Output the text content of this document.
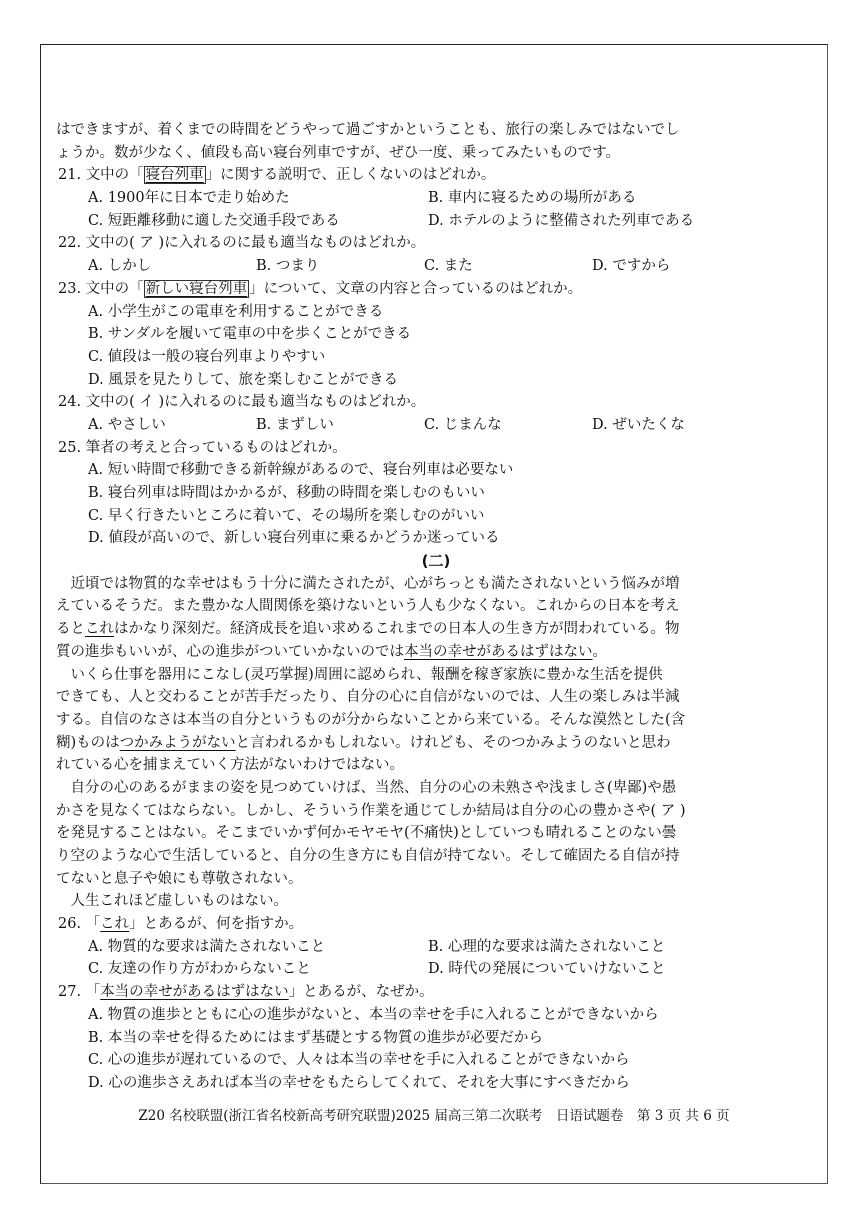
はできますが、着くまでの時間をどうやって過ごすかということも、旅行の楽しみではないでし
ょうか。数が少なく、値段も高い寝台列車ですが、ぜひ一度、乗ってみたいものです。
21. 文中の「 寝台列車 」に関する説明で、正しくないのはどれか。
A. 1900年に日本で走り始めた	B. 車内に寝るための場所がある
C. 短距離移動に適した交通手段である	D. ホテルのように整備された列車である
22. 文中の( ア )に入れるのに最も適当なものはどれか。
A. しかし	B. つまり	C. また	D. ですから
23. 文中の「 新しい寝台列車 」について、文章の内容と合っているのはどれか。
A. 小学生がこの電車を利用することができる
B. サンダルを履いて電車の中を歩くことができる
C. 値段は一般の寝台列車よりやすい
D. 風景を見たりして、旅を楽しむことができる
24. 文中の( イ )に入れるのに最も適当なものはどれか。
A. やさしい	B. まずしい	C. じまんな	D. ぜいたくな
25. 筆者の考えと合っているものはどれか。
A. 短い時間で移動できる新幹線があるので、寝台列車は必要ない
B. 寝台列車は時間はかかるが、移動の時間を楽しむのもいい
C. 早く行きたいところに着いて、その場所を楽しむのがいい
D. 値段が高いので、新しい寝台列車に乗るかどうか迷っている
(二)
近頃では物質的な幸せはもう十分に満たされたが、心がちっとも満たされないという悩みが増
えているそうだ。また豊かな人間関係を築けないという人も少なくない。これからの日本を考え
るとこれはかなり深刻だ。経済成長を追い求めるこれまでの日本人の生き方が問われている。物
質の進歩もいいが、心の進歩がついていかないのでは本当の幸せがあるはずはない。
いくら仕事を器用にこなし(灵巧掌握)周囲に認められ、報酬を稼ぎ家族に豊かな生活を提供
できても、人と交わることが苦手だったり、自分の心に自信がないのでは、人生の楽しみは半減
する。自信のなさは本当の自分というものが分からないことから来ている。そんな漠然とした(含
糊)ものはつかみようがないと言われるかもしれない。けれども、そのつかみようのないと思わ
れている心を捕まえていく方法がないわけではない。
自分の心のあるがままの姿を見つめていけば、当然、自分の心の未熟さや浅ましさ(卑鄙)や愚
かさを見なくてはならない。しかし、そういう作業を通じてしか結局は自分の心の豊かさや( ア )
を発見することはない。そこまでいかず何かモヤモヤ(不痛快)としていつも晴れることのない曇
り空のような心で生活していると、自分の生き方にも自信が持てない。そして確固たる自信が持
てないと息子や娘にも尊敬されない。
人生これほど虚しいものはない。
26. 「これ」とあるが、何を指すか。
A. 物質的な要求は満たされないこと	B. 心理的な要求は満たされないこと
C. 友達の作り方がわからないこと	D. 時代の発展についていけないこと
27. 「本当の幸せがあるはずはない」とあるが、なぜか。
A. 物質の進歩とともに心の進歩がないと、本当の幸せを手に入れることができないから
B. 本当の幸せを得るためにはまず基礎とする物質の進歩が必要だから
C. 心の進歩が遅れているので、人々は本当の幸せを手に入れることができないから
D. 心の進歩さえあれば本当の幸せをもたらしてくれて、それを大事にすべきだから
Z20 名校联盟(浙江省名校新高考研究联盟)2025 届高三第二次联考　日语试题卷　第 3 页 共 6 页
